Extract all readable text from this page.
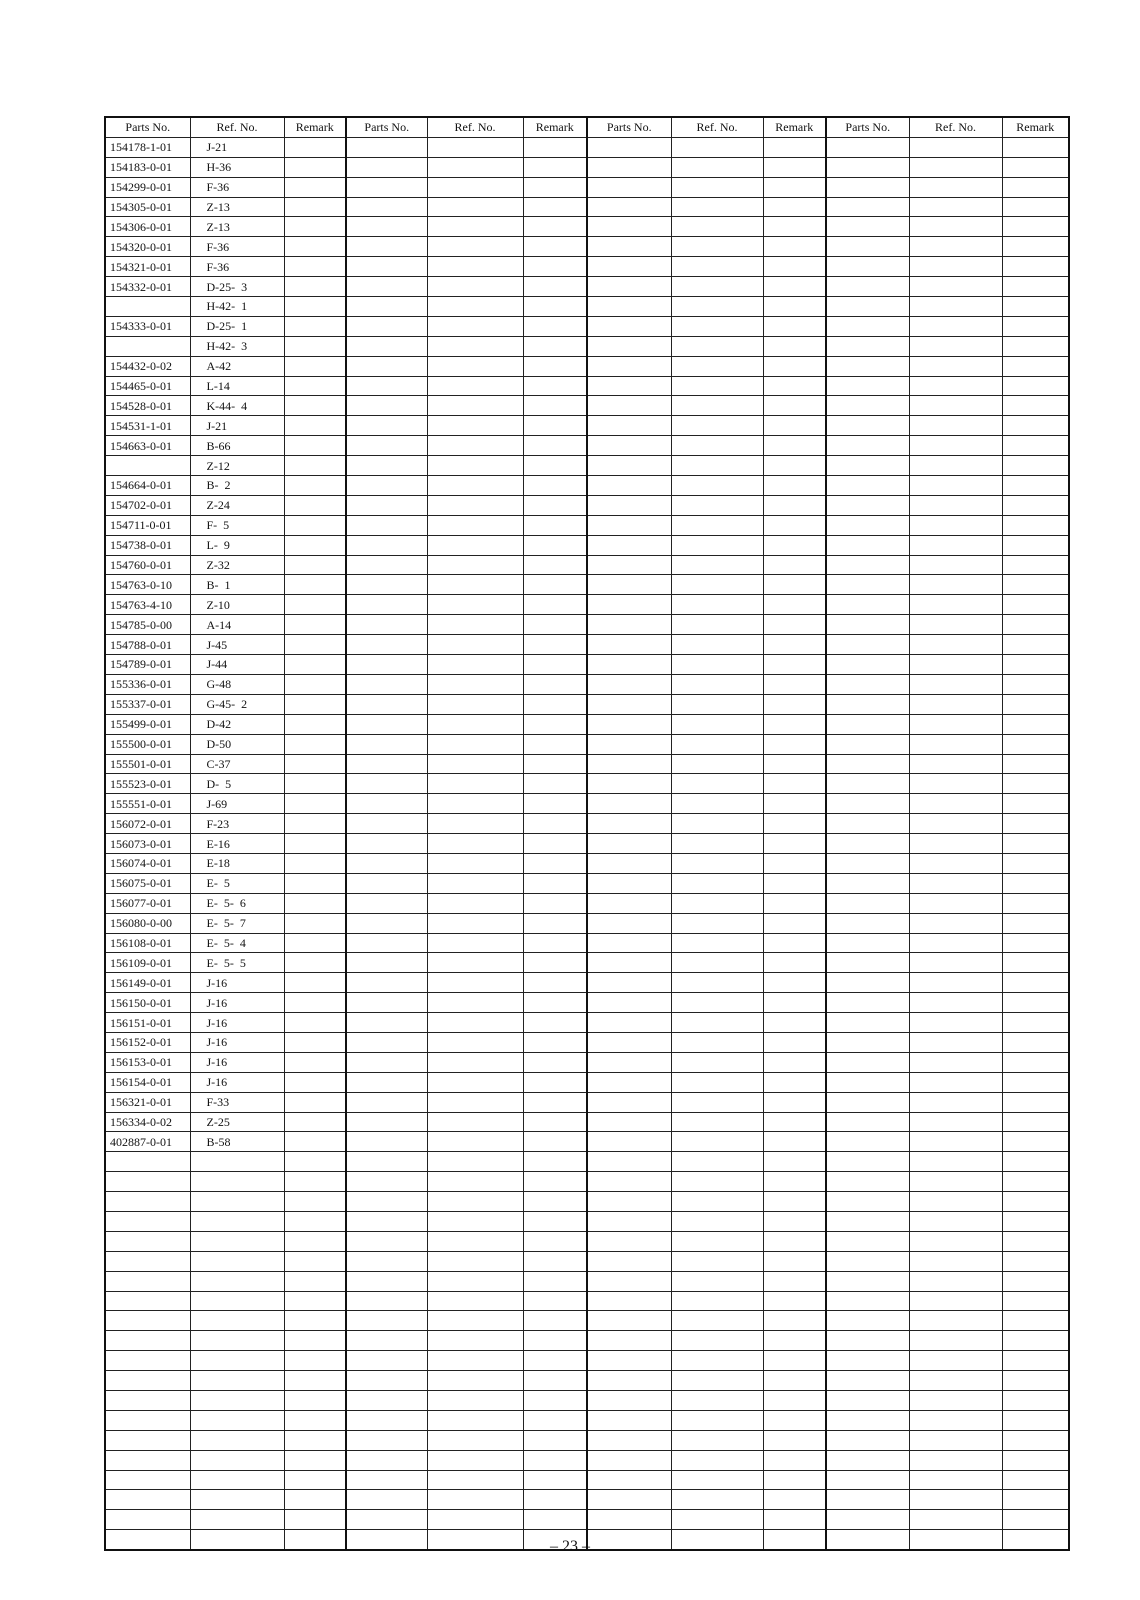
Parts No.	Ref. No.	Remark	Parts No.	Ref. No.	Remark	Parts No.	Ref. No.	Remark	Parts No.	Ref. No.	Remark
154178-1-01	J-21										
154183-0-01	H-36										
154299-0-01	F-36										
154305-0-01	Z-13										
154306-0-01	Z-13										
154320-0-01	F-36										
154321-0-01	F-36										
154332-0-01	D-25-  3										
	H-42-  1										
154333-0-01	D-25-  1										
	H-42-  3										
154432-0-02	A-42										
154465-0-01	L-14										
154528-0-01	K-44-  4										
154531-1-01	J-21										
154663-0-01	B-66										
	Z-12										
154664-0-01	B-  2										
154702-0-01	Z-24										
154711-0-01	F-  5										
154738-0-01	L-  9										
154760-0-01	Z-32										
154763-0-10	B-  1										
154763-4-10	Z-10										
154785-0-00	A-14										
154788-0-01	J-45										
154789-0-01	J-44										
155336-0-01	G-48										
155337-0-01	G-45-  2										
155499-0-01	D-42										
155500-0-01	D-50										
155501-0-01	C-37										
155523-0-01	D-  5										
155551-0-01	J-69										
156072-0-01	F-23										
156073-0-01	E-16										
156074-0-01	E-18										
156075-0-01	E-  5										
156077-0-01	E-  5-  6										
156080-0-00	E-  5-  7										
156108-0-01	E-  5-  4										
156109-0-01	E-  5-  5										
156149-0-01	J-16										
156150-0-01	J-16										
156151-0-01	J-16										
156152-0-01	J-16										
156153-0-01	J-16										
156154-0-01	J-16										
156321-0-01	F-33										
156334-0-02	Z-25										
402887-0-01	B-58										

– 23 –
